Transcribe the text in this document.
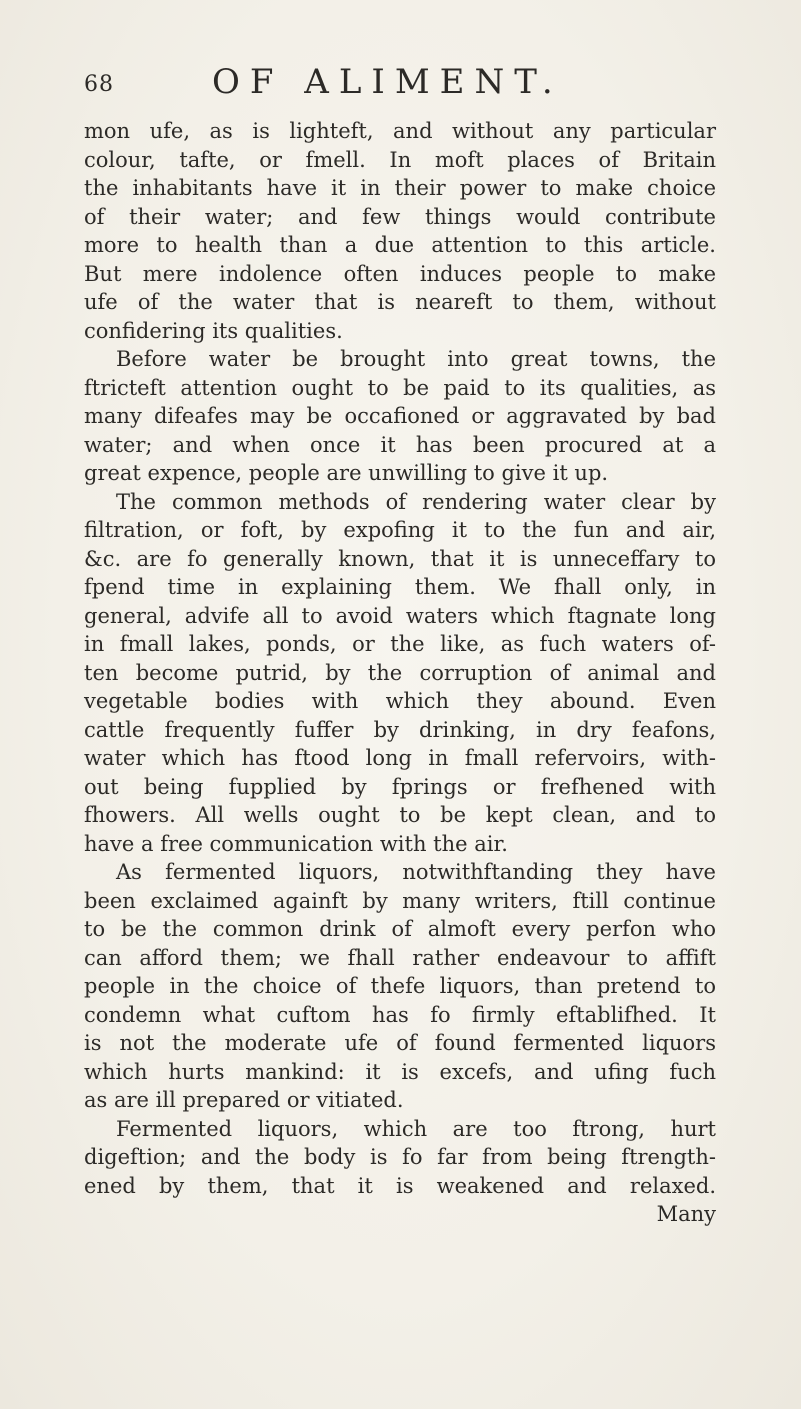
68	OF ALIMENT.
mon ufe, as is lighteft, and without any particular
colour, tafte, or fmell. In moft places of Britain
the inhabitants have it in their power to make choice
of their water; and few things would contribute
more to health than a due attention to this article.
But mere indolence often induces people to make
ufe of the water that is neareft to them, without
confidering its qualities.
Before water be brought into great towns, the
ftricteft attention ought to be paid to its qualities, as
many difeafes may be occafioned or aggravated by bad
water; and when once it has been procured at a
great expence, people are unwilling to give it up.
The common methods of rendering water clear by
filtration, or foft, by expofing it to the fun and air,
&c. are fo generally known, that it is unneceffary to
fpend time in explaining them. We fhall only, in
general, advife all to avoid waters which ftagnate long
in fmall lakes, ponds, or the like, as fuch waters of-
ten become putrid, by the corruption of animal and
vegetable bodies with which they abound. Even
cattle frequently fuffer by drinking, in dry feafons,
water which has ftood long in fmall refervoirs, with-
out being fupplied by fprings or frefhened with
fhowers. All wells ought to be kept clean, and to
have a free communication with the air.
As fermented liquors, notwithftanding they have
been exclaimed againft by many writers, ftill continue
to be the common drink of almoft every perfon who
can afford them; we fhall rather endeavour to affift
people in the choice of thefe liquors, than pretend to
condemn what cuftom has fo firmly eftablifhed. It
is not the moderate ufe of found fermented liquors
which hurts mankind: it is excefs, and ufing fuch
as are ill prepared or vitiated.
Fermented liquors, which are too ftrong, hurt
digeftion; and the body is fo far from being ftrength-
ened by them, that it is weakened and relaxed.
Many
